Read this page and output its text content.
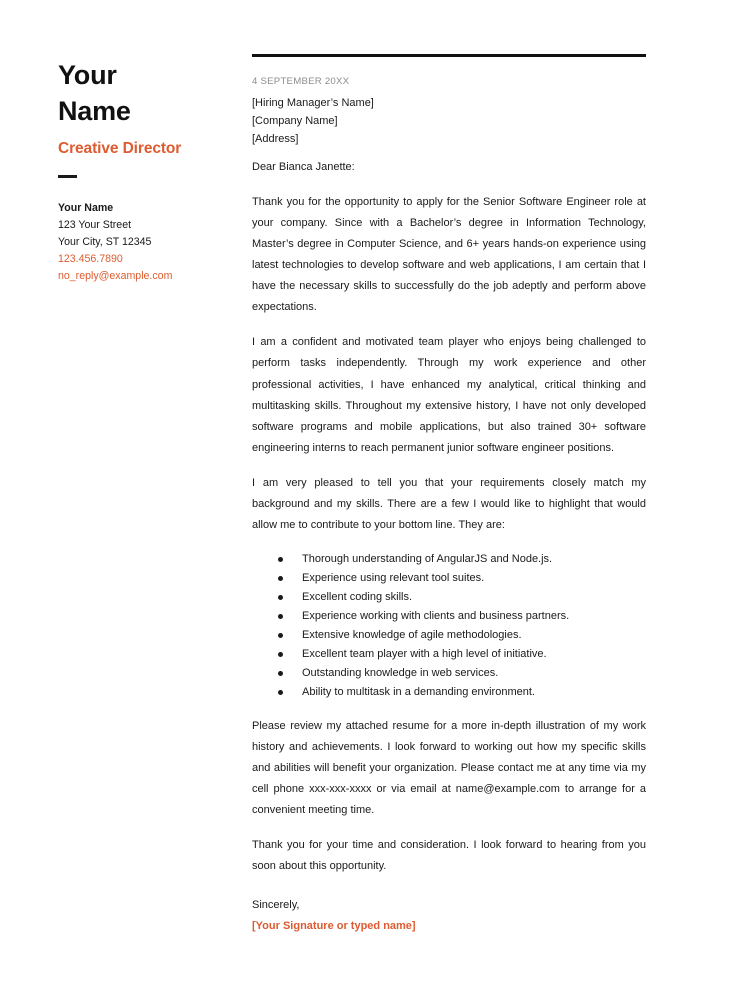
Your
Name
Creative Director
Your Name
123 Your Street
Your City, ST 12345
123.456.7890
no_reply@example.com
4 SEPTEMBER 20XX
[Hiring Manager’s Name]
[Company Name]
[Address]
Dear Bianca Janette:

Thank you for the opportunity to apply for the Senior Software Engineer role at your company. Since with a Bachelor’s degree in Information Technology, Master’s degree in Computer Science, and 6+ years hands-on experience using latest technologies to develop software and web applications, I am certain that I have the necessary skills to successfully do the job adeptly and perform above expectations.

I am a confident and motivated team player who enjoys being challenged to perform tasks independently. Through my work experience and other professional activities, I have enhanced my analytical, critical thinking and multitasking skills. Throughout my extensive history, I have not only developed software programs and mobile applications, but also trained 30+ software engineering interns to reach permanent junior software engineer positions.

I am very pleased to tell you that your requirements closely match my background and my skills. There are a few I would like to highlight that would allow me to contribute to your bottom line. They are:

Thorough understanding of AngularJS and Node.js.
Experience using relevant tool suites.
Excellent coding skills.
Experience working with clients and business partners.
Extensive knowledge of agile methodologies.
Excellent team player with a high level of initiative.
Outstanding knowledge in web services.
Ability to multitask in a demanding environment.

Please review my attached resume for a more in-depth illustration of my work history and achievements. I look forward to working out how my specific skills and abilities will benefit your organization. Please contact me at any time via my cell phone xxx-xxx-xxxx or via email at name@example.com to arrange for a convenient meeting time.

Thank you for your time and consideration. I look forward to hearing from you soon about this opportunity.

Sincerely,
[Your Signature or typed name]
